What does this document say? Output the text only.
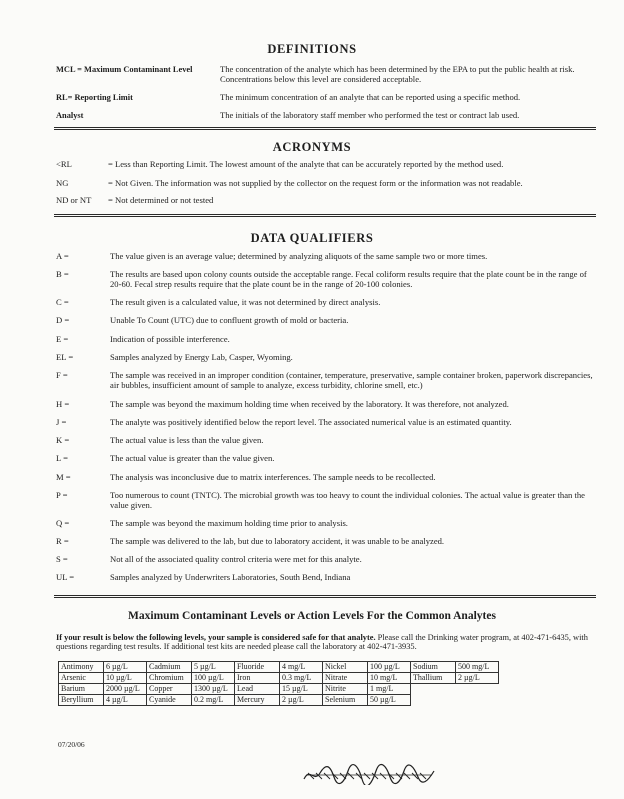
DEFINITIONS
MCL = Maximum Contaminant Level	The concentration of the analyte which has been determined by the EPA to put the public health at risk. Concentrations below this level are considered acceptable.
RL= Reporting Limit	The minimum concentration of an analyte that can be reported using a specific method.
Analyst	The initials of the laboratory staff member who performed the test or contract lab used.
ACRONYMS
<RL	= Less than Reporting Limit. The lowest amount of the analyte that can be accurately reported by the method used.
NG	= Not Given. The information was not supplied by the collector on the request form or the information was not readable.
ND or NT	= Not determined or not tested
DATA QUALIFIERS
A =	The value given is an average value; determined by analyzing aliquots of the same sample two or more times.
B =	The results are based upon colony counts outside the acceptable range. Fecal coliform results require that the plate count be in the range of 20-60. Fecal strep results require that the plate count be in the range of 20-100 colonies.
C =	The result given is a calculated value, it was not determined by direct analysis.
D =	Unable To Count (UTC) due to confluent growth of mold or bacteria.
E =	Indication of possible interference.
EL =	Samples analyzed by Energy Lab, Casper, Wyoming.
F =	The sample was received in an improper condition (container, temperature, preservative, sample container broken, paperwork discrepancies, air bubbles, insufficient amount of sample to analyze, excess turbidity, chlorine smell, etc.)
H =	The sample was beyond the maximum holding time when received by the laboratory. It was therefore, not analyzed.
J =	The analyte was positively identified below the report level. The associated numerical value is an estimated quantity.
K =	The actual value is less than the value given.
L =	The actual value is greater than the value given.
M =	The analysis was inconclusive due to matrix interferences. The sample needs to be recollected.
P =	Too numerous to count (TNTC). The microbial growth was too heavy to count the individual colonies. The actual value is greater than the value given.
Q =	The sample was beyond the maximum holding time prior to analysis.
R =	The sample was delivered to the lab, but due to laboratory accident, it was unable to be analyzed.
S =	Not all of the associated quality control criteria were met for this analyte.
UL =	Samples analyzed by Underwriters Laboratories, South Bend, Indiana
Maximum Contaminant Levels or Action Levels For the Common Analytes
If your result is below the following levels, your sample is considered safe for that analyte. Please call the Drinking water program, at 402-471-6435, with questions regarding test results. If additional test kits are needed please call the laboratory at 402-471-3935.
Antimony	6 µg/L	Cadmium	5 µg/L	Fluoride	4 mg/L	Nickel	100 µg/L	Sodium	500 mg/L
Arsenic	10 µg/L	Chromium	100 µg/L	Iron	0.3 mg/L	Nitrate	10 mg/L	Thallium	2 µg/L
Barium	2000 µg/L	Copper	1300 µg/L	Lead	15 µg/L	Nitrite	1 mg/L		
Beryllium	4 µg/L	Cyanide	0.2 mg/L	Mercury	2 µg/L	Selenium	50 µg/L		
07/20/06
